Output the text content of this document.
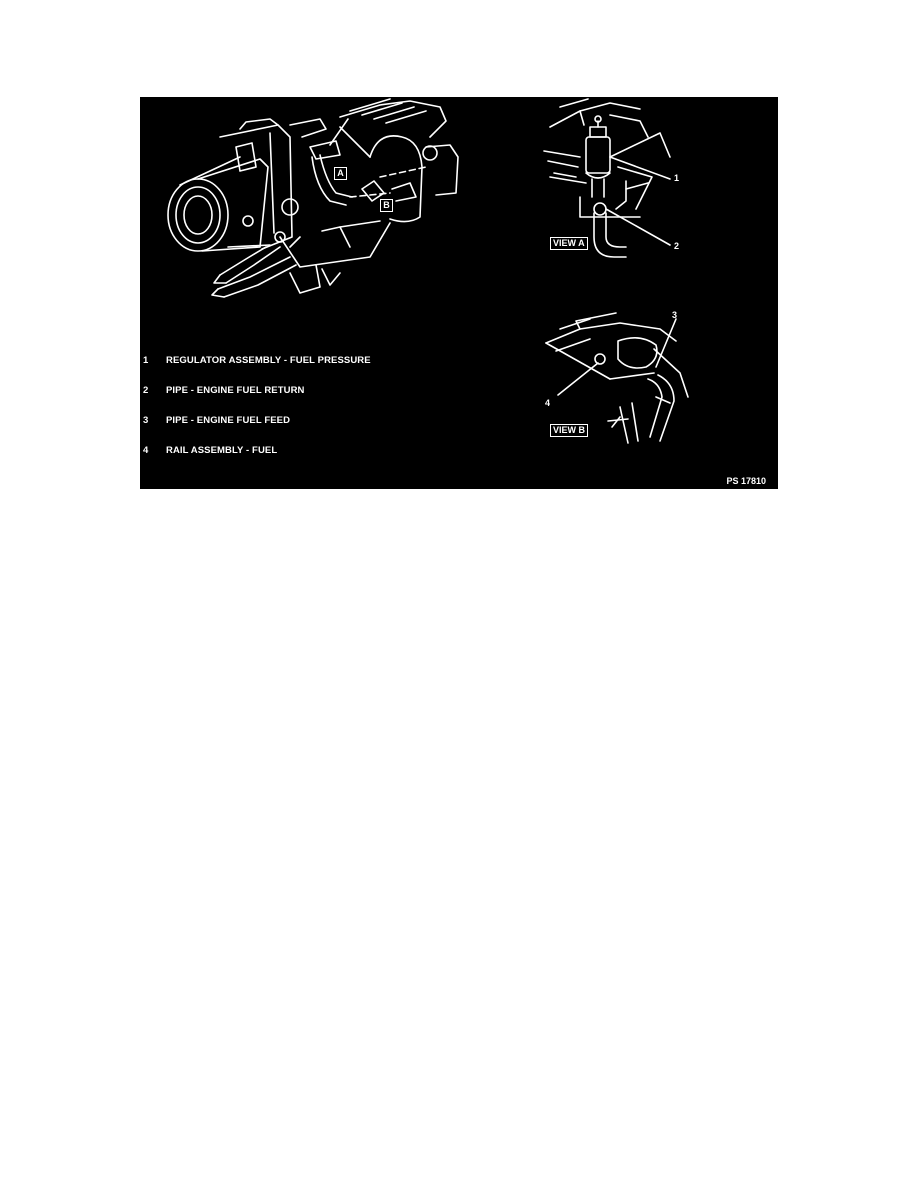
A
B
VIEW A
VIEW B
1
2
3
4
1	REGULATOR ASSEMBLY - FUEL PRESSURE
2	PIPE - ENGINE FUEL RETURN
3	PIPE - ENGINE FUEL FEED
4	RAIL ASSEMBLY - FUEL
PS 17810
